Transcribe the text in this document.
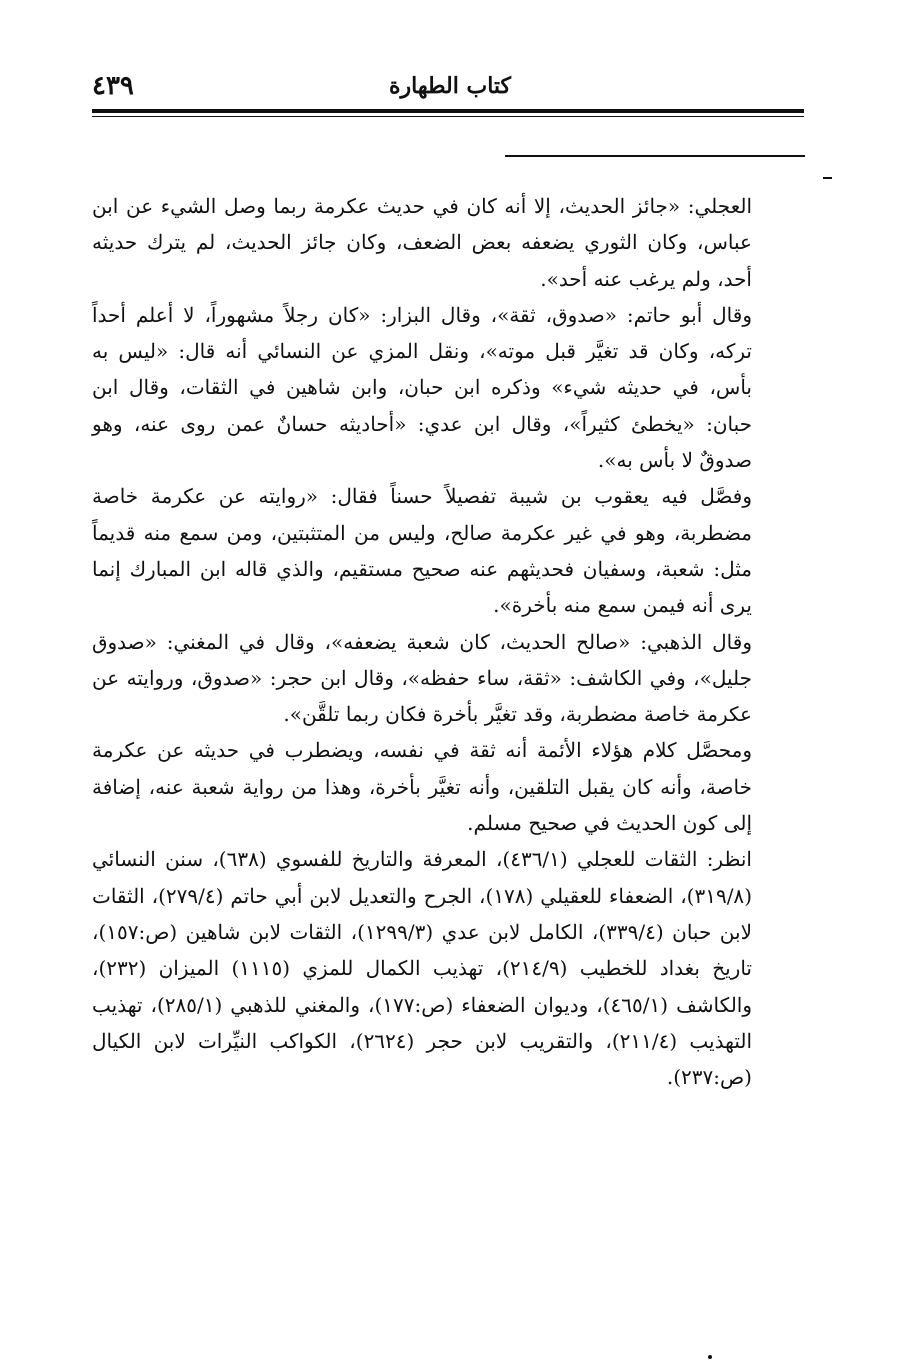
٤٣٩	كتاب الطهارة

العجلي: «جائز الحديث، إلا أنه كان في حديث عكرمة ربما وصل الشيء عن ابن عباس، وكان الثوري يضعفه بعض الضعف، وكان جائز الحديث، لم يترك حديثه أحد، ولم يرغب عنه أحد».

وقال أبو حاتم: «صدوق، ثقة»، وقال البزار: «كان رجلاً مشهوراً، لا أعلم أحداً تركه، وكان قد تغيَّر قبل موته»، ونقل المزي عن النسائي أنه قال: «ليس به بأس، في حديثه شيء» وذكره ابن حبان، وابن شاهين في الثقات، وقال ابن حبان: «يخطئ كثيراً»، وقال ابن عدي: «أحاديثه حسانٌ عمن روى عنه، وهو صدوقٌ لا بأس به».

وفصَّل فيه يعقوب بن شيبة تفصيلاً حسناً فقال: «روايته عن عكرمة خاصة مضطربة، وهو في غير عكرمة صالح، وليس من المتثبتين، ومن سمع منه قديماً مثل: شعبة، وسفيان فحديثهم عنه صحيح مستقيم، والذي قاله ابن المبارك إنما يرى أنه فيمن سمع منه بأخرة».

وقال الذهبي: «صالح الحديث، كان شعبة يضعفه»، وقال في المغني: «صدوق جليل»، وفي الكاشف: «ثقة، ساء حفظه»، وقال ابن حجر: «صدوق، وروايته عن عكرمة خاصة مضطربة، وقد تغيَّر بأخرة فكان ربما تلقَّن».

ومحصَّل كلام هؤلاء الأئمة أنه ثقة في نفسه، ويضطرب في حديثه عن عكرمة خاصة، وأنه كان يقبل التلقين، وأنه تغيَّر بأخرة، وهذا من رواية شعبة عنه، إضافة إلى كون الحديث في صحيح مسلم.

انظر: الثقات للعجلي (٤٣٦/١)، المعرفة والتاريخ للفسوي (٦٣٨)، سنن النسائي (٣١٩/٨)، الضعفاء للعقيلي (١٧٨)، الجرح والتعديل لابن أبي حاتم (٢٧٩/٤)، الثقات لابن حبان (٣٣٩/٤)، الكامل لابن عدي (١٢٩٩/٣)، الثقات لابن شاهين (ص:١٥٧)، تاريخ بغداد للخطيب (٢١٤/٩)، تهذيب الكمال للمزي (١١١٥) الميزان (٢٣٢)، والكاشف (٤٦٥/١)، وديوان الضعفاء (ص:١٧٧)، والمغني للذهبي (٢٨٥/١)، تهذيب التهذيب (٢١١/٤)، والتقريب لابن حجر (٢٦٢٤)، الكواكب النيِّرات لابن الكيال (ص:٢٣٧).
